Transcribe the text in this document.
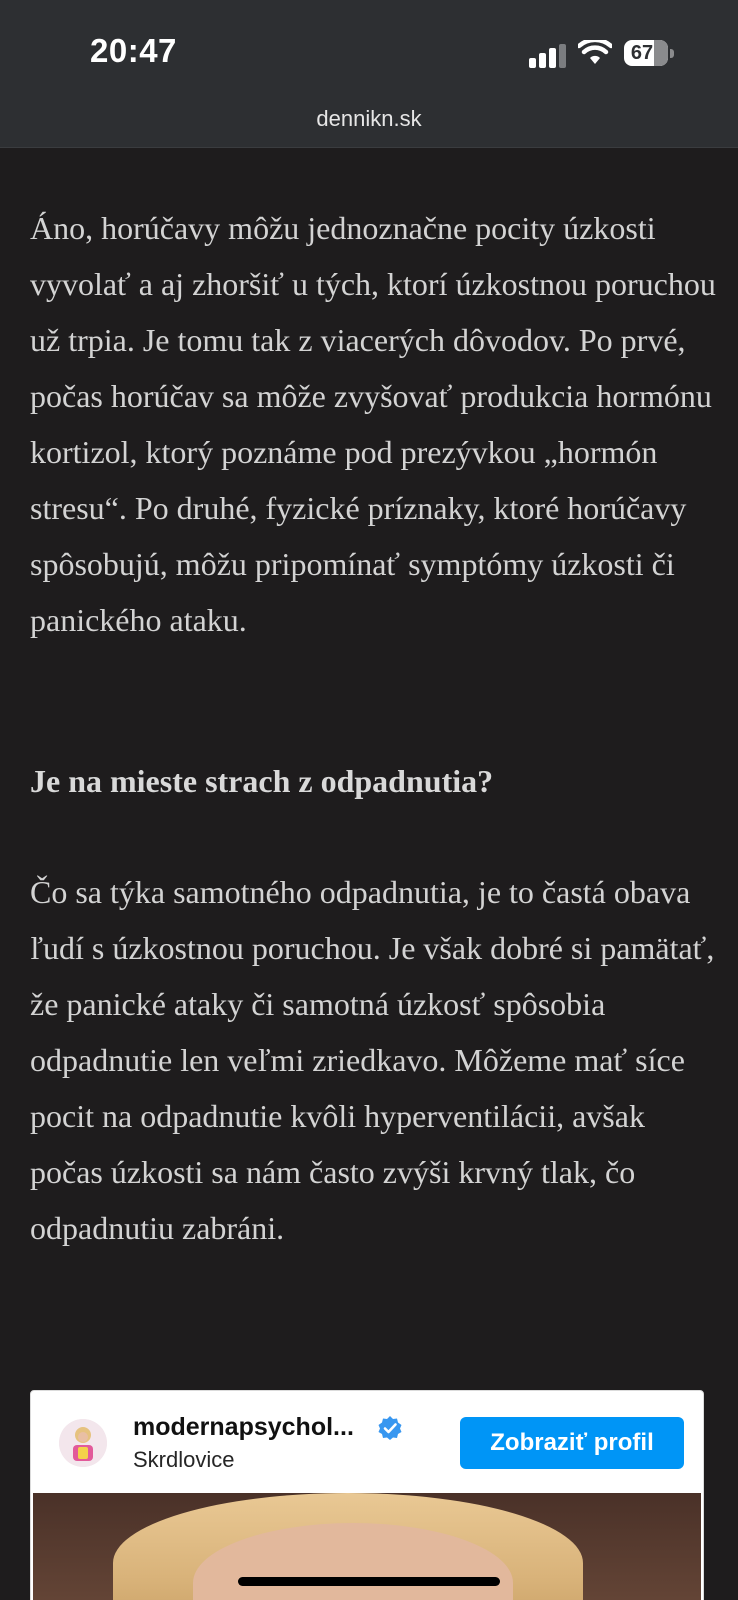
20:47	67
dennikn.sk

Áno, horúčavy môžu jednoznačne pocity úzkosti vyvolať a aj zhoršiť u tých, ktorí úzkostnou poruchou už trpia. Je tomu tak z viacerých dôvodov. Po prvé, počas horúčav sa môže zvyšovať produkcia hormónu kortizol, ktorý poznáme pod prezývkou „hormón stresu“. Po druhé, fyzické príznaky, ktoré horúčavy spôsobujú, môžu pripomínať symptómy úzkosti či panického ataku.

Je na mieste strach z odpadnutia?

Čo sa týka samotného odpadnutia, je to častá obava ľudí s úzkostnou poruchou. Je však dobré si pamätať, že panické ataky či samotná úzkosť spôsobia odpadnutie len veľmi zriedkavo. Môžeme mať síce pocit na odpadnutie kvôli hyperventilácii, avšak počas úzkosti sa nám často zvýši krvný tlak, čo odpadnutiu zabráni.

modernapsychol...
Skrdlovice
Zobraziť profil
